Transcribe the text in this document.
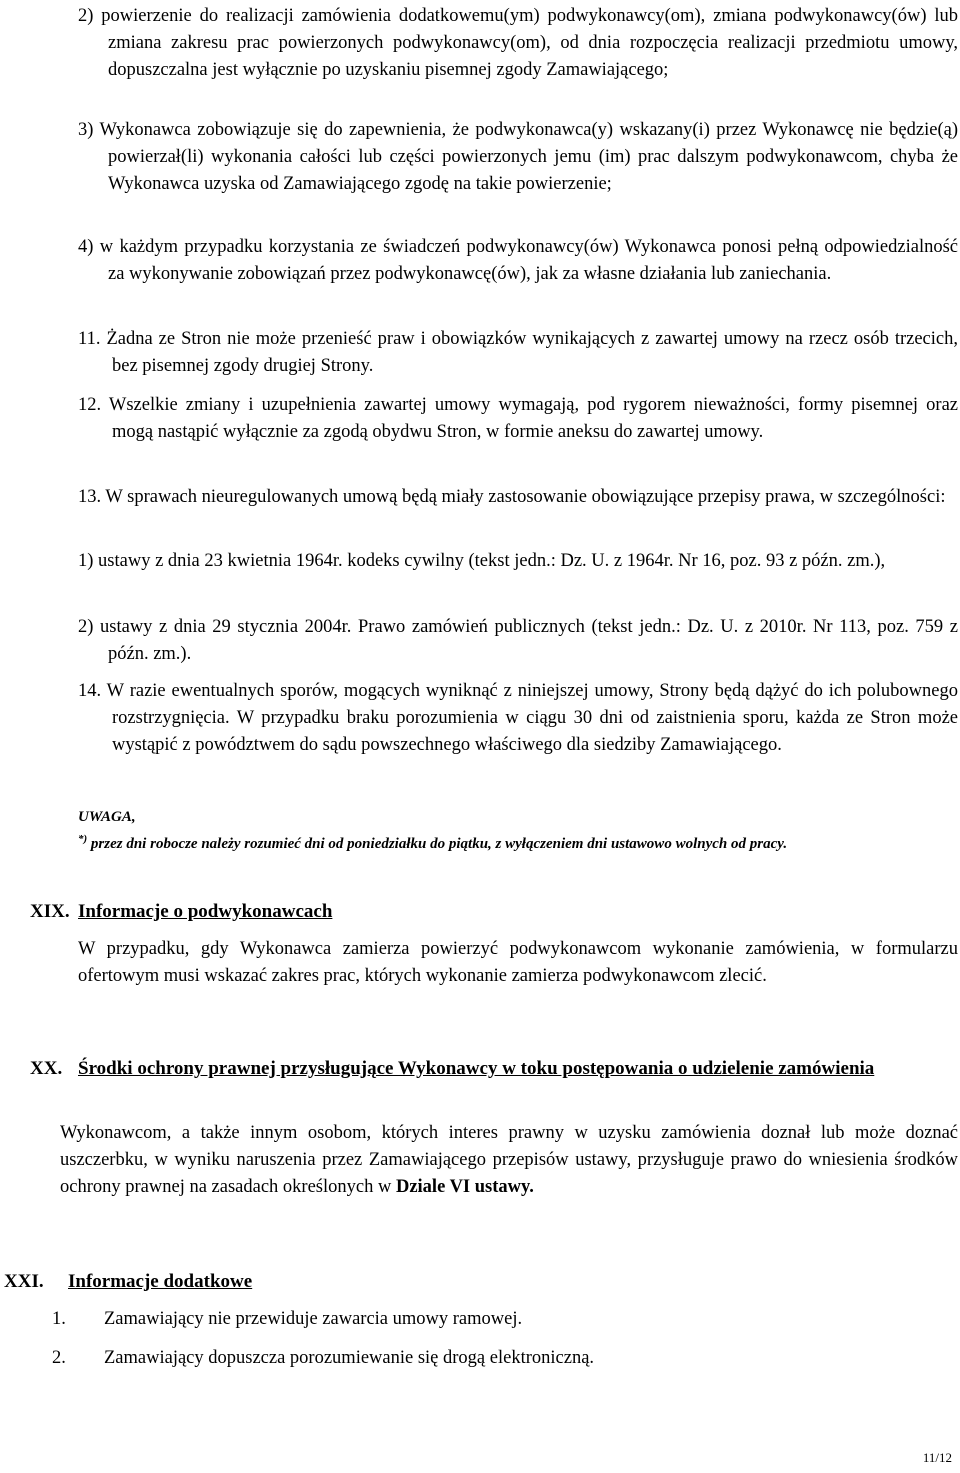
2) powierzenie do realizacji zamówienia dodatkowemu(ym) podwykonawcy(om), zmiana podwykonawcy(ów) lub zmiana zakresu prac powierzonych podwykonawcy(om), od dnia rozpoczęcia realizacji przedmiotu umowy, dopuszczalna jest wyłącznie po uzyskaniu pisemnej zgody Zamawiającego;
3) Wykonawca zobowiązuje się do zapewnienia, że podwykonawca(y) wskazany(i) przez Wykonawcę nie będzie(ą) powierzał(li) wykonania całości lub części powierzonych jemu (im) prac dalszym podwykonawcom, chyba że Wykonawca uzyska od Zamawiającego zgodę na takie powierzenie;
4) w każdym przypadku korzystania ze świadczeń podwykonawcy(ów) Wykonawca ponosi pełną odpowiedzialność za wykonywanie zobowiązań przez podwykonawcę(ów), jak za własne działania lub zaniechania.
11. Żadna ze Stron nie może przenieść praw i obowiązków wynikających z zawartej umowy na rzecz osób trzecich, bez pisemnej zgody drugiej Strony.
12. Wszelkie zmiany i uzupełnienia zawartej umowy wymagają, pod rygorem nieważności, formy pisemnej oraz mogą nastąpić wyłącznie za zgodą obydwu Stron, w formie aneksu do zawartej umowy.
13. W sprawach nieuregulowanych umową będą miały zastosowanie obowiązujące przepisy prawa, w szczególności:
1) ustawy z dnia 23 kwietnia 1964r. kodeks cywilny (tekst jedn.: Dz. U. z 1964r. Nr 16, poz. 93 z późn. zm.),
2) ustawy z dnia 29 stycznia 2004r. Prawo zamówień publicznych (tekst jedn.: Dz. U. z 2010r. Nr 113, poz. 759 z późn. zm.).
14. W razie ewentualnych sporów, mogących wyniknąć z niniejszej umowy, Strony będą dążyć do ich polubownego rozstrzygnięcia. W przypadku braku porozumienia w ciągu 30 dni od zaistnienia sporu, każda ze Stron może wystąpić z powództwem do sądu powszechnego właściwego dla siedziby Zamawiającego.
UWAGA,
*) przez dni robocze należy rozumieć dni od poniedziałku do piątku, z wyłączeniem dni ustawowo wolnych od pracy.
XIX. Informacje o podwykonawcach
W przypadku, gdy Wykonawca zamierza powierzyć podwykonawcom wykonanie zamówienia, w formularzu ofertowym musi wskazać zakres prac, których wykonanie zamierza podwykonawcom zlecić.
XX. Środki ochrony prawnej przysługujące Wykonawcy w toku postępowania o udzielenie zamówienia
Wykonawcom, a także innym osobom, których interes prawny w uzysku zamówienia doznał lub może doznać uszczerbku, w wyniku naruszenia przez Zamawiającego przepisów ustawy, przysługuje prawo do wniesienia środków ochrony prawnej na zasadach określonych w Dziale VI ustawy.
XXI. Informacje dodatkowe
1. Zamawiający nie przewiduje zawarcia umowy ramowej.
2. Zamawiający dopuszcza porozumiewanie się drogą elektroniczną.
11/12
